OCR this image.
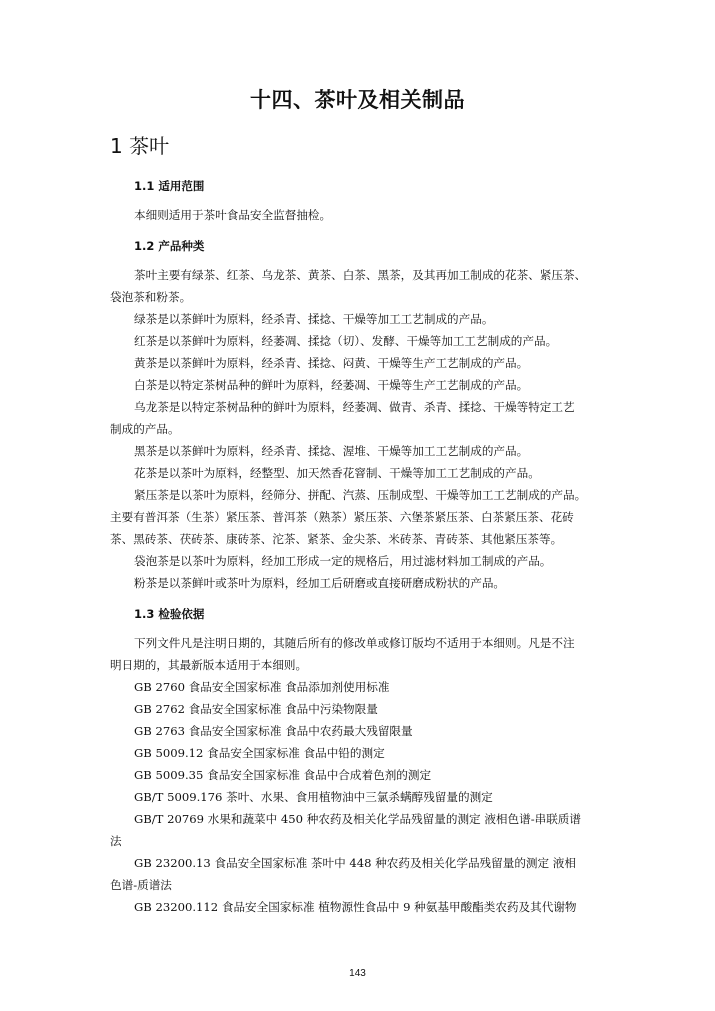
十四、茶叶及相关制品
1 茶叶
1.1 适用范围
本细则适用于茶叶食品安全监督抽检。
1.2 产品种类
茶叶主要有绿茶、红茶、乌龙茶、黄茶、白茶、黑茶，及其再加工制成的花茶、紧压茶、
袋泡茶和粉茶。
绿茶是以茶鲜叶为原料，经杀青、揉捻、干燥等加工工艺制成的产品。
红茶是以茶鲜叶为原料，经萎凋、揉捻（切）、发酵、干燥等加工工艺制成的产品。
黄茶是以茶鲜叶为原料，经杀青、揉捻、闷黄、干燥等生产工艺制成的产品。
白茶是以特定茶树品种的鲜叶为原料，经萎凋、干燥等生产工艺制成的产品。
乌龙茶是以特定茶树品种的鲜叶为原料，经萎凋、做青、杀青、揉捻、干燥等特定工艺
制成的产品。
黑茶是以茶鲜叶为原料，经杀青、揉捻、渥堆、干燥等加工工艺制成的产品。
花茶是以茶叶为原料，经整型、加天然香花窨制、干燥等加工工艺制成的产品。
紧压茶是以茶叶为原料，经筛分、拼配、汽蒸、压制成型、干燥等加工工艺制成的产品。
主要有普洱茶（生茶）紧压茶、普洱茶（熟茶）紧压茶、六堡茶紧压茶、白茶紧压茶、花砖
茶、黑砖茶、茯砖茶、康砖茶、沱茶、紧茶、金尖茶、米砖茶、青砖茶、其他紧压茶等。
袋泡茶是以茶叶为原料，经加工形成一定的规格后，用过滤材料加工制成的产品。
粉茶是以茶鲜叶或茶叶为原料，经加工后研磨或直接研磨成粉状的产品。
1.3 检验依据
下列文件凡是注明日期的，其随后所有的修改单或修订版均不适用于本细则。凡是不注
明日期的，其最新版本适用于本细则。
GB 2760 食品安全国家标准 食品添加剂使用标准
GB 2762 食品安全国家标准 食品中污染物限量
GB 2763 食品安全国家标准 食品中农药最大残留限量
GB 5009.12 食品安全国家标准 食品中铅的测定
GB 5009.35 食品安全国家标准 食品中合成着色剂的测定
GB/T 5009.176 茶叶、水果、食用植物油中三氯杀螨醇残留量的测定
GB/T 20769 水果和蔬菜中 450 种农药及相关化学品残留量的测定 液相色谱-串联质谱
法
GB 23200.13 食品安全国家标准 茶叶中 448 种农药及相关化学品残留量的测定 液相
色谱-质谱法
GB 23200.112 食品安全国家标准 植物源性食品中 9 种氨基甲酸酯类农药及其代谢物
143
